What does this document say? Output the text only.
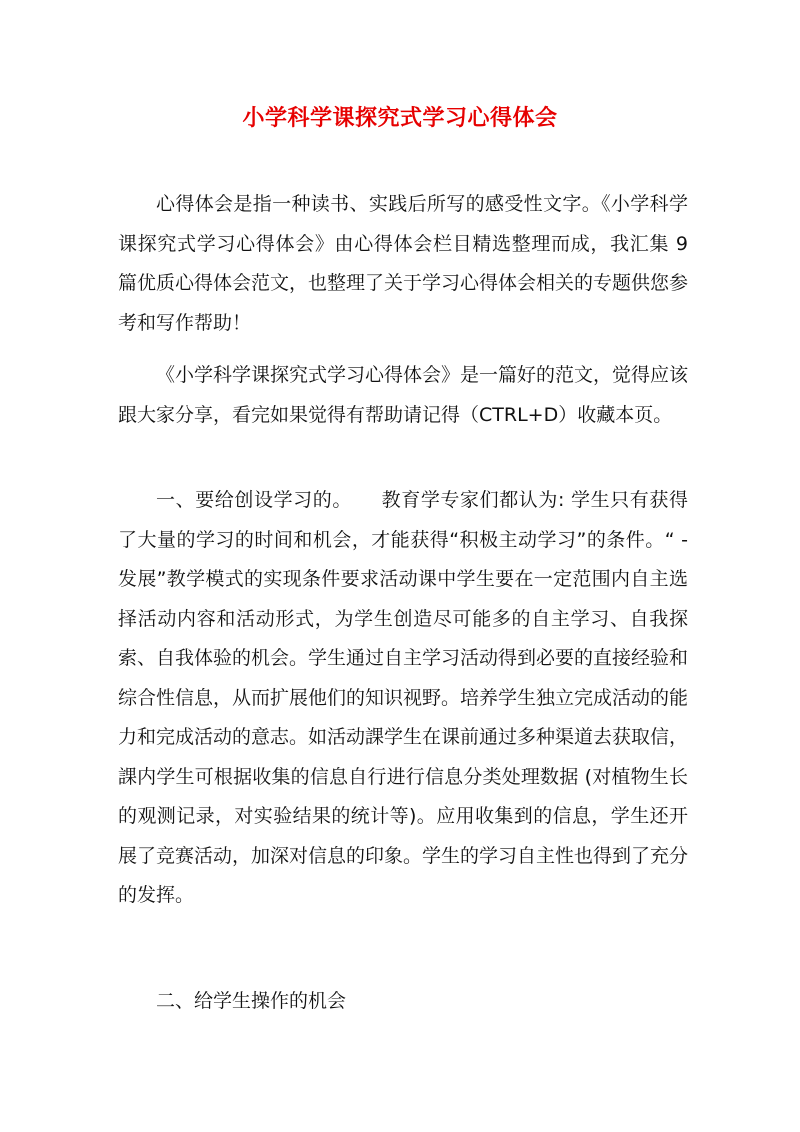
小学科学课探究式学习心得体会

心得体会是指一种读书、实践后所写的感受性文字。《小学科学课探究式学习心得体会》由心得体会栏目精选整理而成，我汇集 9 篇优质心得体会范文，也整理了关于学习心得体会相关的专题供您参考和写作帮助！

《小学科学课探究式学习心得体会》是一篇好的范文，觉得应该跟大家分享，看完如果觉得有帮助请记得（CTRL+D）收藏本页。

一、要给创设学习的。　　教育学专家们都认为: 学生只有获得了大量的学习的时间和机会，才能获得“积极主动学习”的条件。“ - 发展”教学模式的实现条件要求活动课中学生要在一定范围内自主选择活动内容和活动形式，为学生创造尽可能多的自主学习、自我探索、自我体验的机会。学生通过自主学习活动得到必要的直接经验和综合性信息，从而扩展他们的知识视野。培养学生独立完成活动的能力和完成活动的意志。如活动課学生在课前通过多种渠道去获取信，課内学生可根据收集的信息自行进行信息分类处理数据 (对植物生长的观测记录，对实验结果的统计等)。应用收集到的信息，学生还开展了竞赛活动，加深对信息的印象。学生的学习自主性也得到了充分的发挥。

二、给学生操作的机会
